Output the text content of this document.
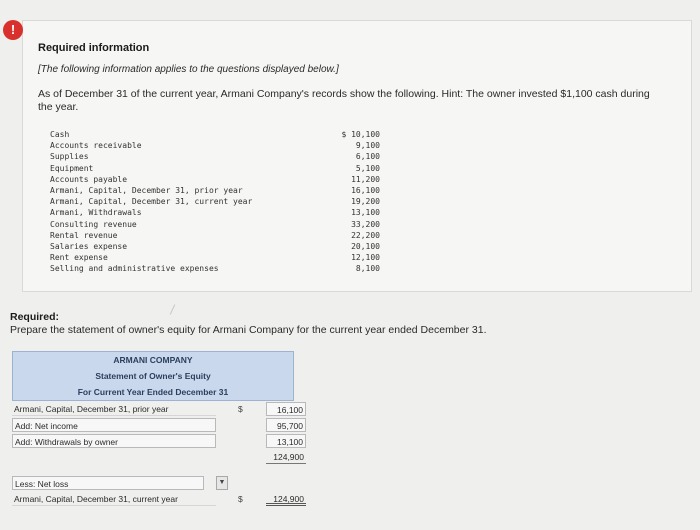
!
Required information
[The following information applies to the questions displayed below.]
As of December 31 of the current year, Armani Company's records show the following. Hint: The owner invested $1,100 cash during the year.
Cash	$ 10,100
Accounts receivable	9,100
Supplies	6,100
Equipment	5,100
Accounts payable	11,200
Armani, Capital, December 31, prior year	16,100
Armani, Capital, December 31, current year	19,200
Armani, Withdrawals	13,100
Consulting revenue	33,200
Rental revenue	22,200
Salaries expense	20,100
Rent expense	12,100
Selling and administrative expenses	8,100
Required:
Prepare the statement of owner's equity for Armani Company for the current year ended December 31.
ARMANI COMPANY
Statement of Owner's Equity
For Current Year Ended December 31
Armani, Capital, December 31, prior year	$	16,100
Add: Net income	95,700
Add: Withdrawals by owner	13,100
124,900
Less: Net loss	▼
Armani, Capital, December 31, current year	$	124,900
